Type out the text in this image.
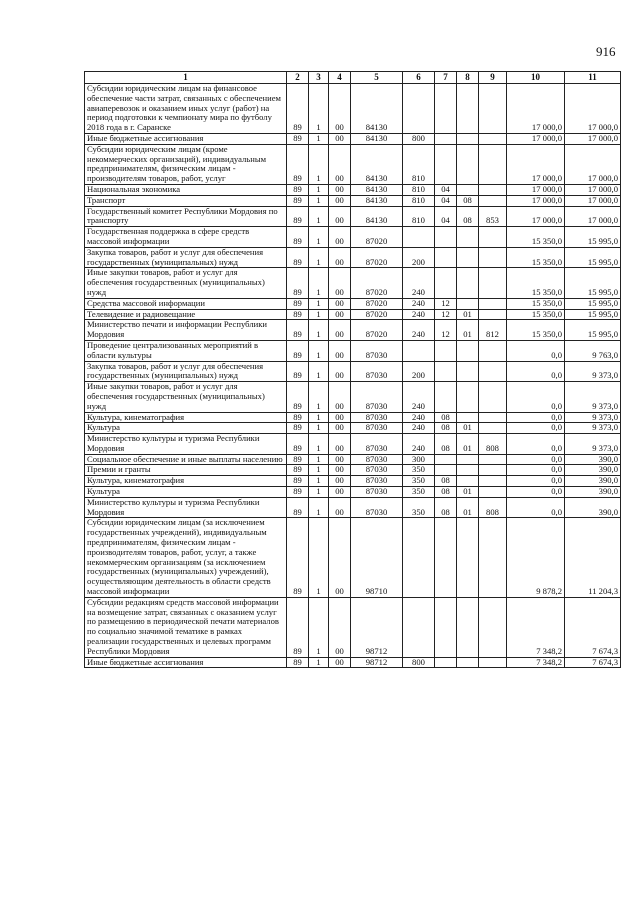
916
1	2	3	4	5	6	7	8	9	10	11
Субсидии юридическим лицам на финансовое обеспечение части затрат, связанных с обеспечением авиаперевозок и оказанием иных услуг (работ) на период подготовки к чемпионату мира по футболу 2018 года в г. Саранске	89	1	00	84130					17 000,0	17 000,0
Иные бюджетные ассигнования	89	1	00	84130	800				17 000,0	17 000,0
Субсидии юридическим лицам (кроме некоммерческих организаций), индивидуальным предпринимателям, физическим лицам - производителям товаров, работ, услуг	89	1	00	84130	810				17 000,0	17 000,0
Национальная экономика	89	1	00	84130	810	04			17 000,0	17 000,0
Транспорт	89	1	00	84130	810	04	08		17 000,0	17 000,0
Государственный комитет Республики Мордовия по транспорту	89	1	00	84130	810	04	08	853	17 000,0	17 000,0
Государственная поддержка в сфере средств массовой информации	89	1	00	87020					15 350,0	15 995,0
Закупка товаров, работ и услуг для обеспечения государственных (муниципальных) нужд	89	1	00	87020	200				15 350,0	15 995,0
Иные закупки товаров, работ и услуг для обеспечения государственных (муниципальных) нужд	89	1	00	87020	240				15 350,0	15 995,0
Средства массовой информации	89	1	00	87020	240	12			15 350,0	15 995,0
Телевидение и радиовещание	89	1	00	87020	240	12	01		15 350,0	15 995,0
Министерство печати и информации Республики Мордовия	89	1	00	87020	240	12	01	812	15 350,0	15 995,0
Проведение централизованных мероприятий в области культуры	89	1	00	87030					0,0	9 763,0
Закупка товаров, работ и услуг для обеспечения государственных (муниципальных) нужд	89	1	00	87030	200				0,0	9 373,0
Иные закупки товаров, работ и услуг для обеспечения государственных (муниципальных) нужд	89	1	00	87030	240				0,0	9 373,0
Культура, кинематография	89	1	00	87030	240	08			0,0	9 373,0
Культура	89	1	00	87030	240	08	01		0,0	9 373,0
Министерство культуры и туризма Республики Мордовия	89	1	00	87030	240	08	01	808	0,0	9 373,0
Социальное обеспечение и иные выплаты населению	89	1	00	87030	300				0,0	390,0
Премии и гранты	89	1	00	87030	350				0,0	390,0
Культура, кинематография	89	1	00	87030	350	08			0,0	390,0
Культура	89	1	00	87030	350	08	01		0,0	390,0
Министерство культуры и туризма Республики Мордовия	89	1	00	87030	350	08	01	808	0,0	390,0
Субсидии юридическим лицам (за исключением государственных учреждений), индивидуальным предпринимателям, физическим лицам - производителям товаров, работ, услуг, а также некоммерческим организациям (за исключением государственных (муниципальных) учреждений), осуществляющим деятельность в области средств массовой информации	89	1	00	98710					9 878,2	11 204,3
Субсидии редакциям средств массовой информации на возмещение затрат, связанных с оказанием услуг по размещению в периодической печати материалов по социально значимой тематике в рамках реализации государственных и целевых программ Республики Мордовия	89	1	00	98712					7 348,2	7 674,3
Иные бюджетные ассигнования	89	1	00	98712	800				7 348,2	7 674,3
